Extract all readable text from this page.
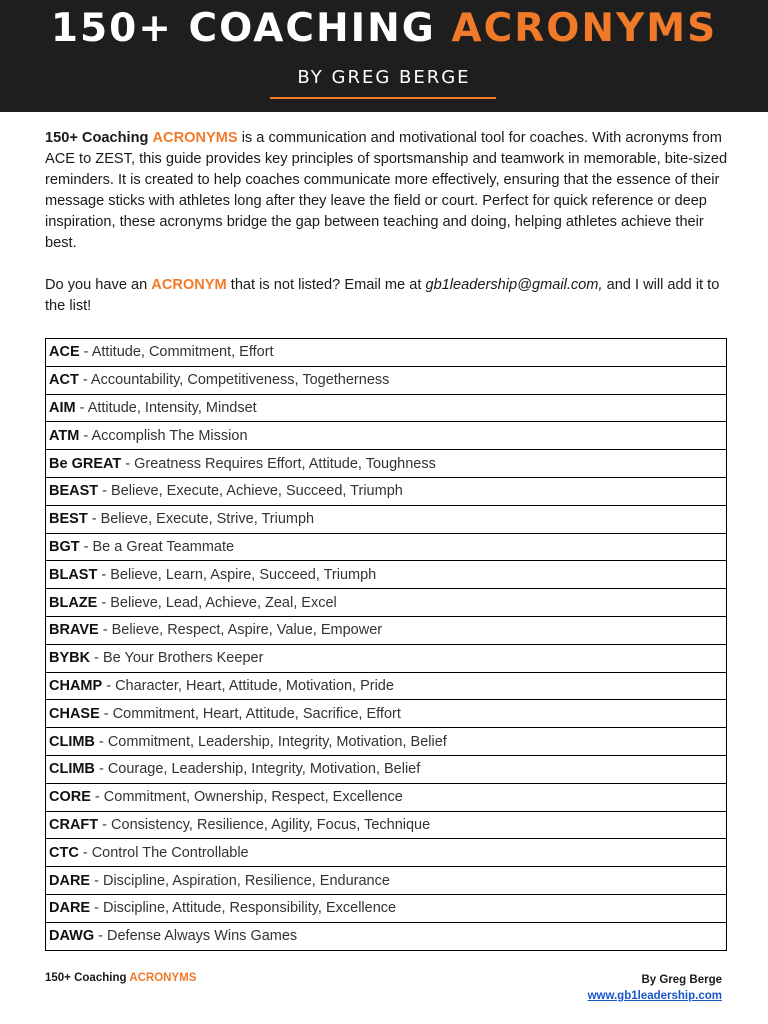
150+ COACHING ACRONYMS
BY GREG BERGE

150+ Coaching ACRONYMS is a communication and motivational tool for coaches. With acronyms from ACE to ZEST, this guide provides key principles of sportsmanship and teamwork in memorable, bite-sized reminders. It is created to help coaches communicate more effectively, ensuring that the essence of their message sticks with athletes long after they leave the field or court. Perfect for quick reference or deep inspiration, these acronyms bridge the gap between teaching and doing, helping athletes achieve their best.

Do you have an ACRONYM that is not listed? Email me at gb1leadership@gmail.com, and I will add it to the list!

ACE - Attitude, Commitment, Effort
ACT - Accountability, Competitiveness, Togetherness
AIM - Attitude, Intensity, Mindset
ATM - Accomplish The Mission
Be GREAT - Greatness Requires Effort, Attitude, Toughness
BEAST - Believe, Execute, Achieve, Succeed, Triumph
BEST - Believe, Execute, Strive, Triumph
BGT - Be a Great Teammate
BLAST - Believe, Learn, Aspire, Succeed, Triumph
BLAZE - Believe, Lead, Achieve, Zeal, Excel
BRAVE - Believe, Respect, Aspire, Value, Empower
BYBK - Be Your Brothers Keeper
CHAMP - Character, Heart, Attitude, Motivation, Pride
CHASE - Commitment, Heart, Attitude, Sacrifice, Effort
CLIMB - Commitment, Leadership, Integrity, Motivation, Belief
CLIMB - Courage, Leadership, Integrity, Motivation, Belief
CORE - Commitment, Ownership, Respect, Excellence
CRAFT - Consistency, Resilience, Agility, Focus, Technique
CTC - Control The Controllable
DARE - Discipline, Aspiration, Resilience, Endurance
DARE - Discipline, Attitude, Responsibility, Excellence
DAWG - Defense Always Wins Games
150+ Coaching ACRONYMS	By Greg Berge
www.gb1leadership.com
